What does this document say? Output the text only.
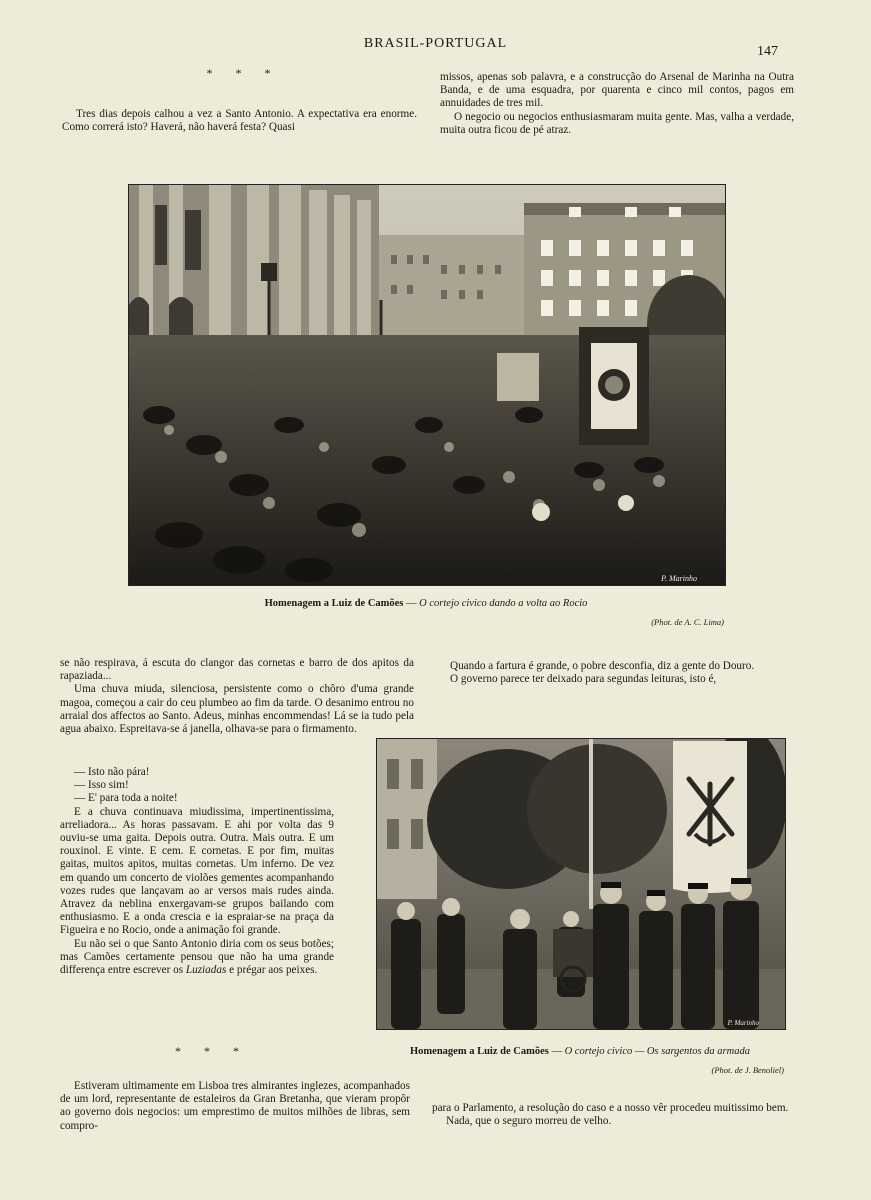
BRASIL-PORTUGAL
147
* * *

Tres dias depois calhou a vez a Santo Antonio. A expectativa era enorme. Como correrá isto? Haverá, não haverá festa? Quasi

missos, apenas sob palavra, e a construcção do Arsenal de Marinha na Outra Banda, e de uma esquadra, por quarenta e cinco mil contos, pagos em annuidades de tres mil.

O negocio ou negocios enthusiasmaram muita gente. Mas, valha a verdade, muita outra ficou de pé atraz.

P. Marinho
Homenagem a Luiz de Camões — O cortejo civico dando a volta ao Rocio
(Phot. de A. C. Lima)

se não respirava, á escuta do clangor das cornetas e barro de dos apitos da rapaziada...

Uma chuva miuda, silenciosa, persistente como o chôro d'uma grande magoa, começou a cair do ceu plumbeo ao fim da tarde. O desanimo entrou no arraial dos affectos ao Santo. Adeus, minhas encommendas! Lá se ia tudo pela agua abaixo. Espreitava-se á janella, olhava-se para o firmamento.

— Isto não pára!

— Isso sim!

— E' para toda a noite!

E a chuva continuava miudissima, impertinentissima, arreliadora... As horas passavam. E ahi por volta das 9 ouviu-se uma gaita. Depois outra. Outra. Mais outra. E um rouxinol. E vinte. E cem. E cornetas. E por fim, muitas gaitas, muitos apitos, muitas cornetas. Um inferno. De vez em quando um concerto de violões gementes acompanhando vozes rudes que lançavam ao ar versos mais rudes ainda. Atravez da neblina enxergavam-se grupos bailando com enthusiasmo. E a onda crescia e ia espraiar-se na praça da Figueira e no Rocio, onde a animação foi grande.

Eu não sei o que Santo Antonio diria com os seus botões; mas Camões certamente pensou que não ha uma grande differença entre escrever os Luziadas e prégar aos peixes.

Quando a fartura é grande, o pobre desconfia, diz a gente do Douro.

O governo parece ter deixado para segundas leituras, isto é,

P. Marinho
Homenagem a Luiz de Camões — O cortejo civico — Os sargentos da armada
(Phot. de J. Benoliel)
* * *

Estiveram ultimamente em Lisboa tres almirantes inglezes, acompanhados de um lord, representante de estaleiros da Gran Bretanha, que vieram propôr ao governo dois negocios: um emprestimo de muitos milhões de libras, sem compro-

para o Parlamento, a resolução do caso e a nosso vêr procedeu muitissimo bem.

Nada, que o seguro morreu de velho.
